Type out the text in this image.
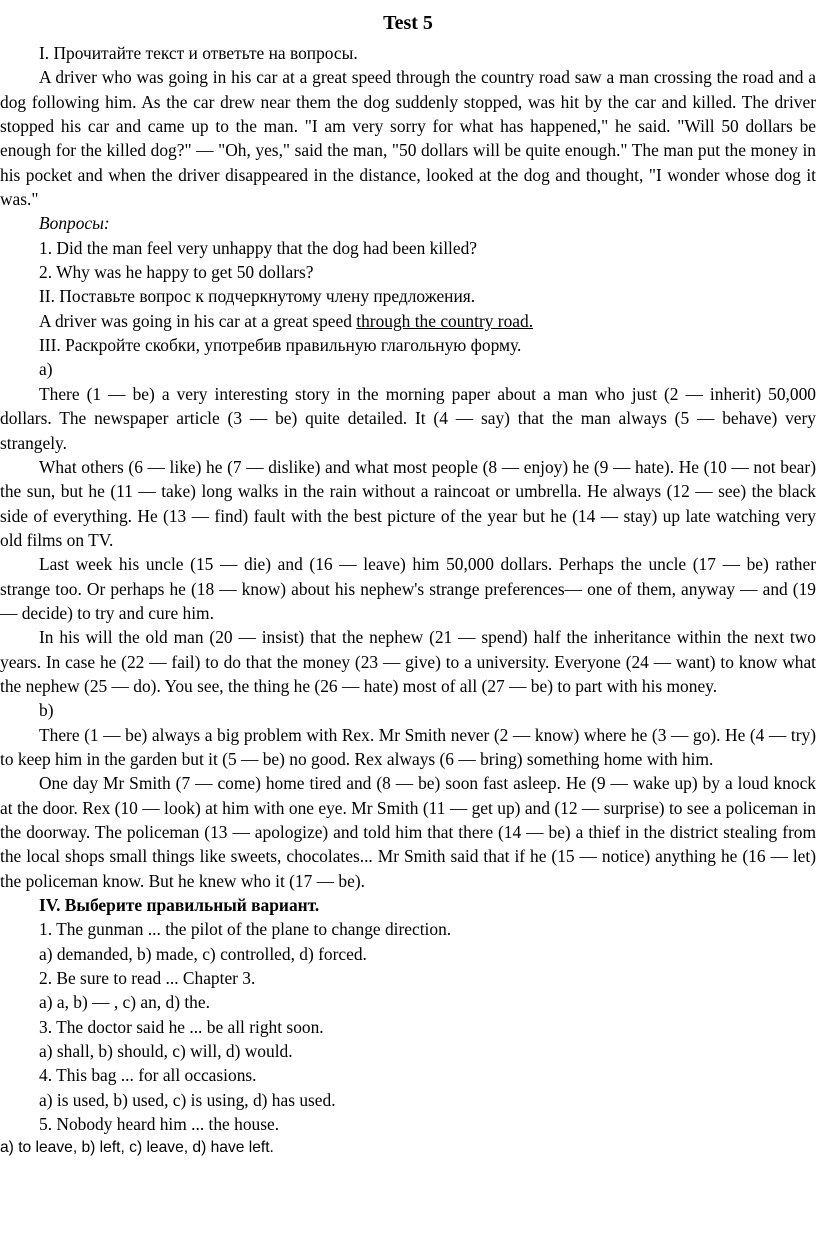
Test 5

I. Прочитайте текст и ответьте на вопросы.

A driver who was going in his car at a great speed through the country road saw a man crossing the road and a dog following him. As the car drew near them the dog suddenly stopped, was hit by the car and killed. The driver stopped his car and came up to the man. "I am very sorry for what has happened," he said. "Will 50 dollars be enough for the killed dog?" — "Oh, yes," said the man, "50 dollars will be quite enough." The man put the money in his pocket and when the driver disappeared in the distance, looked at the dog and thought, "I wonder whose dog it was."

Вопросы:

1. Did the man feel very unhappy that the dog had been killed?

2. Why was he happy to get 50 dollars?

II. Поставьте вопрос к подчеркнутому члену предложения.

A driver was going in his car at a great speed through the country road.

III. Раскройте скобки, употребив правильную глагольную форму.

a)

There (1 — be) a very interesting story in the morning paper about a man who just (2 — inherit) 50,000 dollars. The newspaper article (3 — be) quite detailed. It (4 — say) that the man always (5 — behave) very strangely.

What others (6 — like) he (7 — dislike) and what most people (8 — enjoy) he (9 — hate). He (10 — not bear) the sun, but he (11 — take) long walks in the rain without a raincoat or umbrella. He always (12 — see) the black side of everything. He (13 — find) fault with the best picture of the year but he (14 — stay) up late watching very old films on TV.

Last week his uncle (15 — die) and (16 — leave) him 50,000 dollars. Perhaps the uncle (17 — be) rather strange too. Or perhaps he (18 — know) about his nephew's strange preferences— one of them, anyway — and (19 — decide) to try and cure him.

In his will the old man (20 — insist) that the nephew (21 — spend) half the inheritance within the next two years. In case he (22 — fail) to do that the money (23 — give) to a university. Everyone (24 — want) to know what the nephew (25 — do). You see, the thing he (26 — hate) most of all (27 — be) to part with his money.

b)

There (1 — be) always a big problem with Rex. Mr Smith never (2 — know) where he (3 — go). He (4 — try) to keep him in the garden but it (5 — be) no good. Rex always (6 — bring) something home with him.

One day Mr Smith (7 — come) home tired and (8 — be) soon fast asleep. He (9 — wake up) by a loud knock at the door. Rex (10 — look) at him with one eye. Mr Smith (11 — get up) and (12 — surprise) to see a policeman in the doorway. The policeman (13 — apologize) and told him that there (14 — be) a thief in the district stealing from the local shops small things like sweets, chocolates... Mr Smith said that if he (15 — notice) anything he (16 — let) the policeman know. But he knew who it (17 — be).

IV. Выберите правильный вариант.

1. The gunman ... the pilot of the plane to change direction.

a) demanded, b) made, c) controlled, d) forced.

2. Be sure to read ... Chapter 3.

a) a, b) — , c) an, d) the.

3. The doctor said he ... be all right soon.

a) shall, b) should, c) will, d) would.

4. This bag ... for all occasions.

a) is used, b) used, c) is using, d) has used.

5. Nobody heard him ... the house.

a) to leave, b) left, c) leave, d) have left.
